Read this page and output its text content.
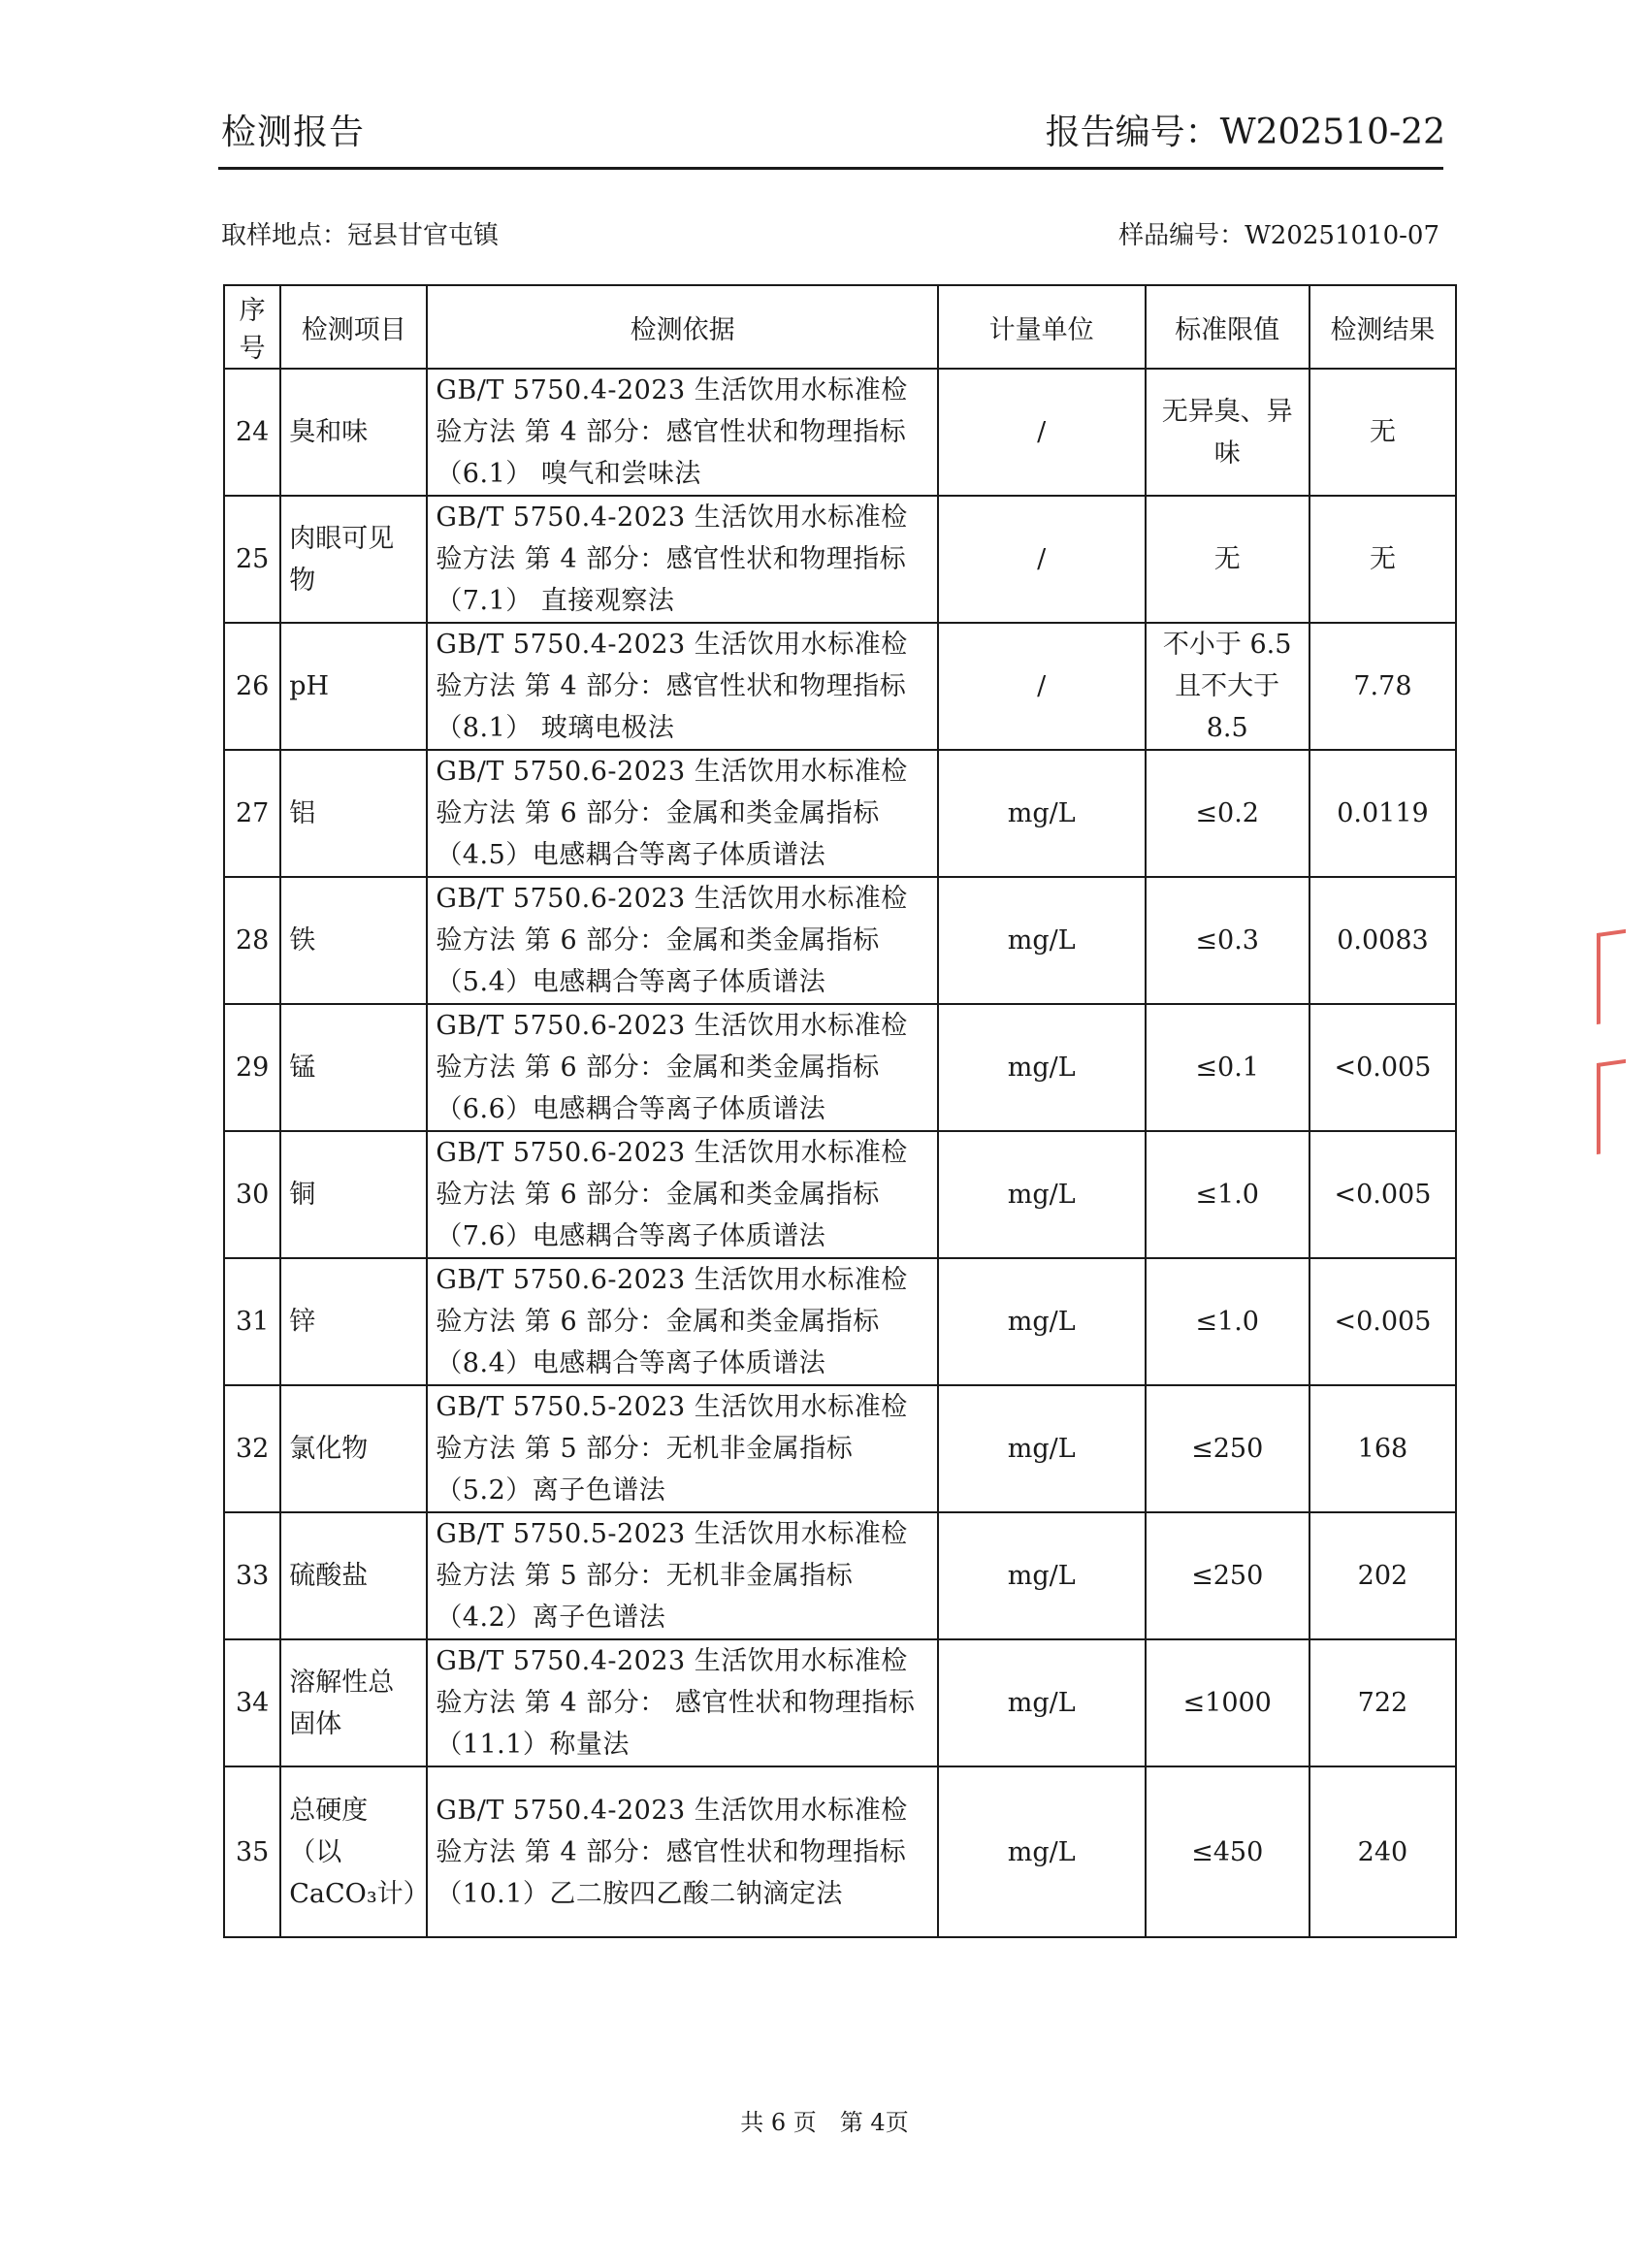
检测报告	报告编号：W202510-22
取样地点：冠县甘官屯镇	样品编号：W20251010-07
序号	检测项目	检测依据	计量单位	标准限值	检测结果
24	臭和味	GB/T 5750.4-2023 生活饮用水标准检验方法 第 4 部分：感官性状和物理指标（6.1） 嗅气和尝味法	/	无异臭、异味	无
25	肉眼可见物	GB/T 5750.4-2023 生活饮用水标准检验方法 第 4 部分：感官性状和物理指标（7.1） 直接观察法	/	无	无
26	pH	GB/T 5750.4-2023 生活饮用水标准检验方法 第 4 部分：感官性状和物理指标（8.1） 玻璃电极法	/	不小于 6.5 且不大于 8.5	7.78
27	铝	GB/T 5750.6-2023 生活饮用水标准检验方法 第 6 部分：金属和类金属指标（4.5）电感耦合等离子体质谱法	mg/L	≤0.2	0.0119
28	铁	GB/T 5750.6-2023 生活饮用水标准检验方法 第 6 部分：金属和类金属指标（5.4）电感耦合等离子体质谱法	mg/L	≤0.3	0.0083
29	锰	GB/T 5750.6-2023 生活饮用水标准检验方法 第 6 部分：金属和类金属指标（6.6）电感耦合等离子体质谱法	mg/L	≤0.1	<0.005
30	铜	GB/T 5750.6-2023 生活饮用水标准检验方法 第 6 部分：金属和类金属指标（7.6）电感耦合等离子体质谱法	mg/L	≤1.0	<0.005
31	锌	GB/T 5750.6-2023 生活饮用水标准检验方法 第 6 部分：金属和类金属指标（8.4）电感耦合等离子体质谱法	mg/L	≤1.0	<0.005
32	氯化物	GB/T 5750.5-2023 生活饮用水标准检验方法 第 5 部分：无机非金属指标（5.2）离子色谱法	mg/L	≤250	168
33	硫酸盐	GB/T 5750.5-2023 生活饮用水标准检验方法 第 5 部分：无机非金属指标（4.2）离子色谱法	mg/L	≤250	202
34	溶解性总固体	GB/T 5750.4-2023 生活饮用水标准检验方法 第 4 部分： 感官性状和物理指标（11.1）称量法	mg/L	≤1000	722
35	总硬度（以 CaCO₃计）	GB/T 5750.4-2023 生活饮用水标准检验方法 第 4 部分：感官性状和物理指标 （10.1）乙二胺四乙酸二钠滴定法	mg/L	≤450	240
共 6 页　第 4页
